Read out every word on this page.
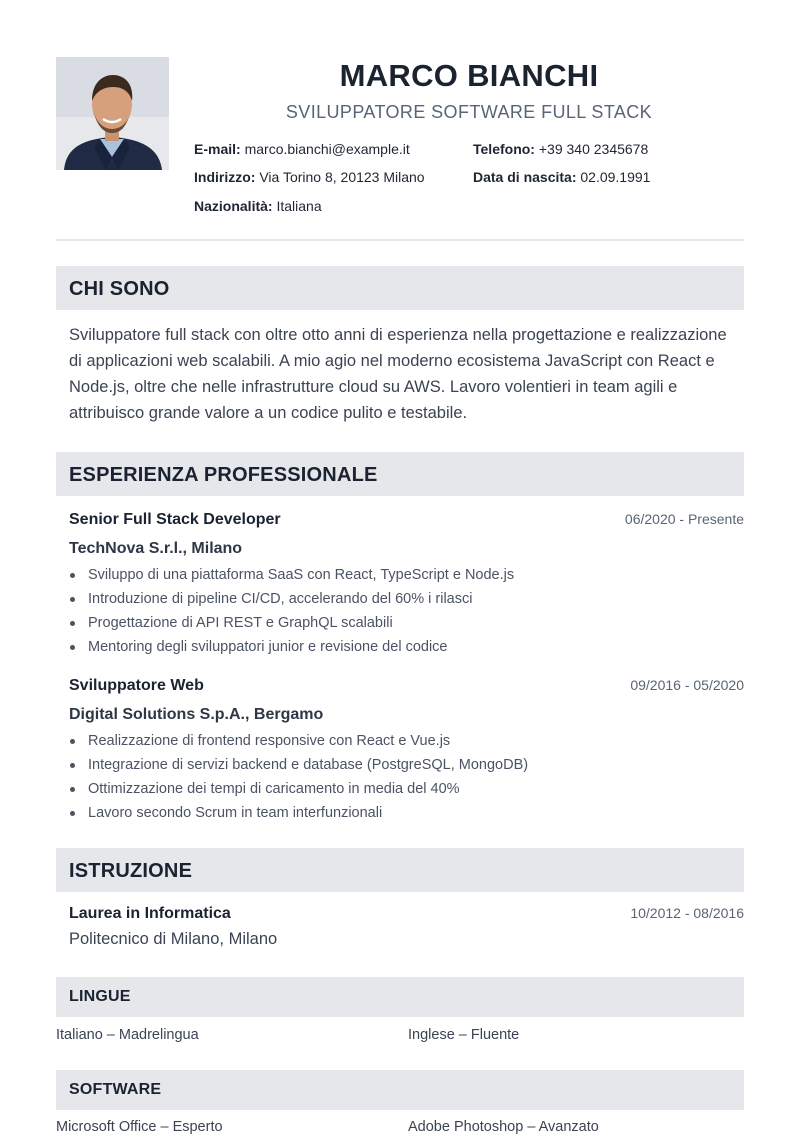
MARCO BIANCHI
SVILUPPATORE SOFTWARE FULL STACK
E-mail: marco.bianchi@example.it	Telefono: +39 340 2345678
Indirizzo: Via Torino 8, 20123 Milano	Data di nascita: 02.09.1991
Nazionalità: Italiana
CHI SONO
Sviluppatore full stack con oltre otto anni di esperienza nella progettazione e realizzazione di applicazioni web scalabili. A mio agio nel moderno ecosistema JavaScript con React e Node.js, oltre che nelle infrastrutture cloud su AWS. Lavoro volentieri in team agili e attribuisco grande valore a un codice pulito e testabile.
ESPERIENZA PROFESSIONALE
Senior Full Stack Developer	06/2020 - Presente
TechNova S.r.l., Milano
Sviluppo di una piattaforma SaaS con React, TypeScript e Node.js
Introduzione di pipeline CI/CD, accelerando del 60% i rilasci
Progettazione di API REST e GraphQL scalabili
Mentoring degli sviluppatori junior e revisione del codice
Sviluppatore Web	09/2016 - 05/2020
Digital Solutions S.p.A., Bergamo
Realizzazione di frontend responsive con React e Vue.js
Integrazione di servizi backend e database (PostgreSQL, MongoDB)
Ottimizzazione dei tempi di caricamento in media del 40%
Lavoro secondo Scrum in team interfunzionali
ISTRUZIONE
Laurea in Informatica	10/2012 - 08/2016
Politecnico di Milano, Milano
LINGUE
Italiano – Madrelingua	Inglese – Fluente
SOFTWARE
Microsoft Office – Esperto	Adobe Photoshop – Avanzato
